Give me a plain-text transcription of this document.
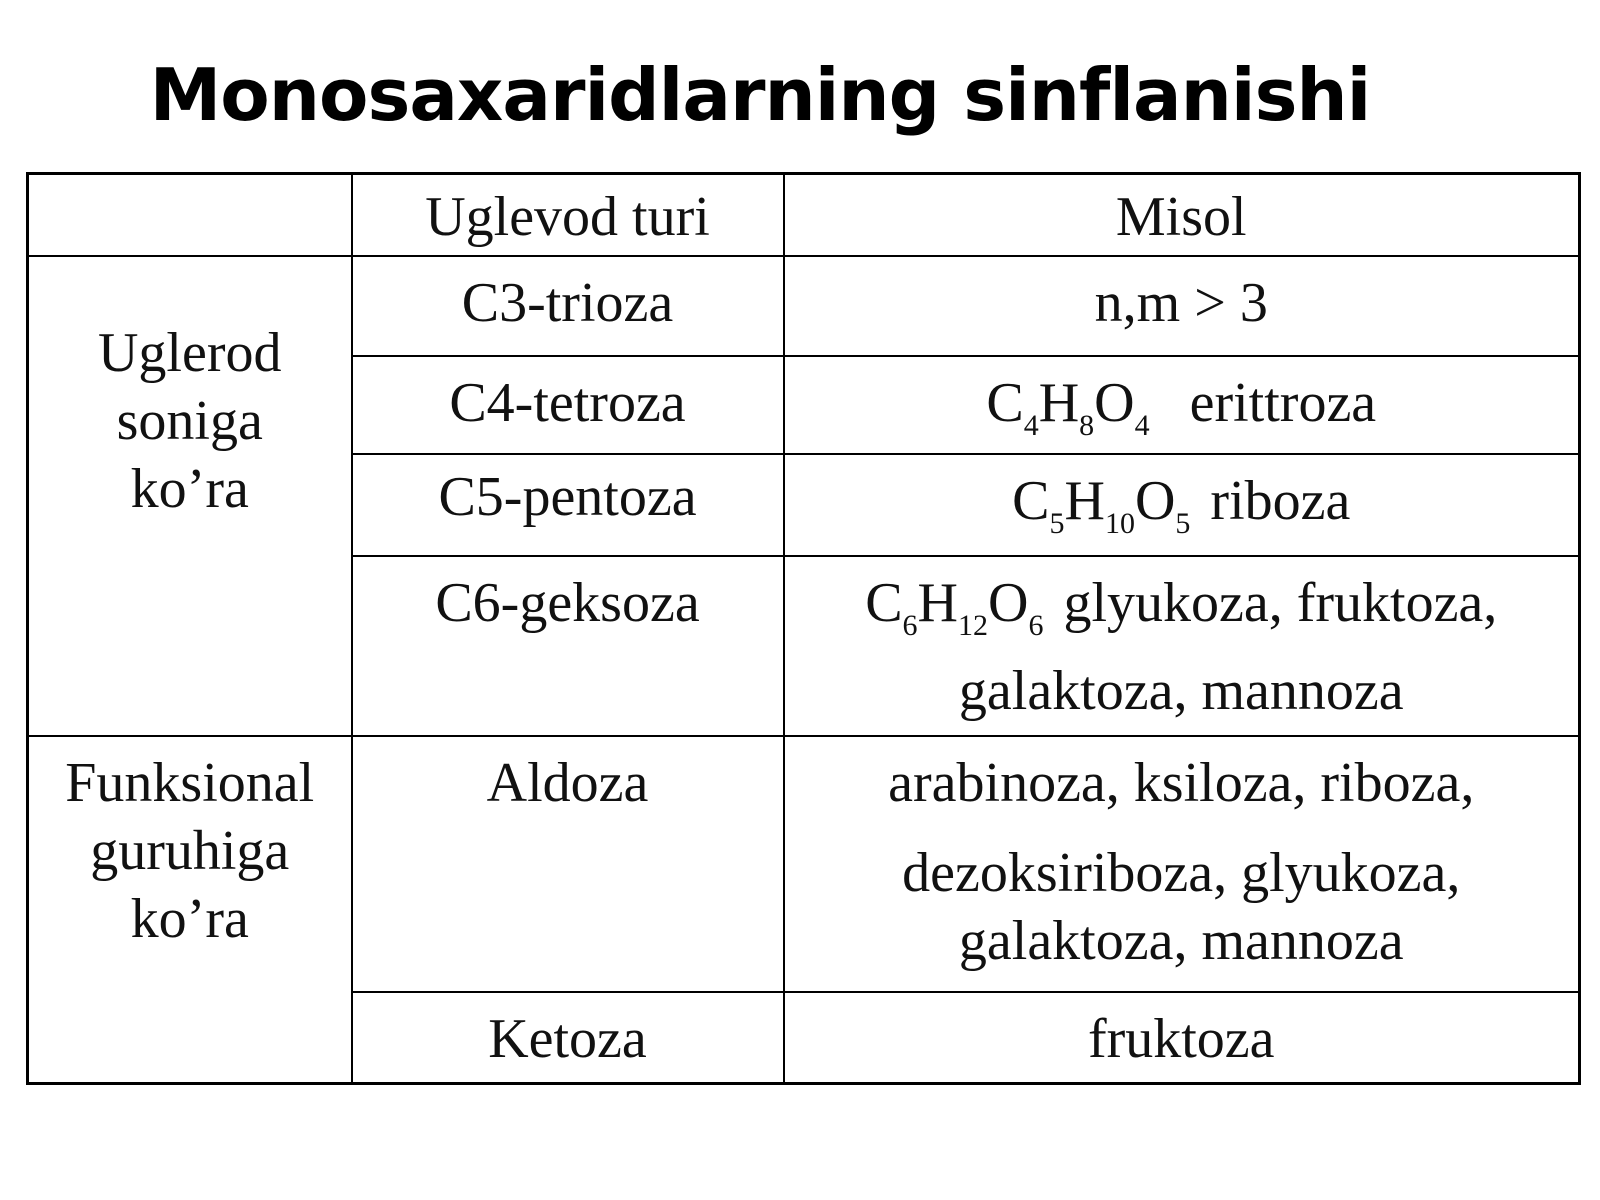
Monosaxaridlarning sinflanishi
	Uglevod turi	Misol

Uglerod
soniga
ko’ra	C3-trioza	n,m > 3
	C4-tetroza	$C_4H_8O_4$ erittroza
	C5-pentoza	$C_5H_{10}O_5$ riboza
	C6-geksoza	$C_6H_{12}O_6$ glyukoza, fruktoza,
galaktoza, mannoza

Funksional
guruhiga
ko’ra	Aldoza	arabinoza, ksiloza, riboza,
dezoksiriboza, glyukoza,
galaktoza, mannoza

	Ketoza	fruktoza
